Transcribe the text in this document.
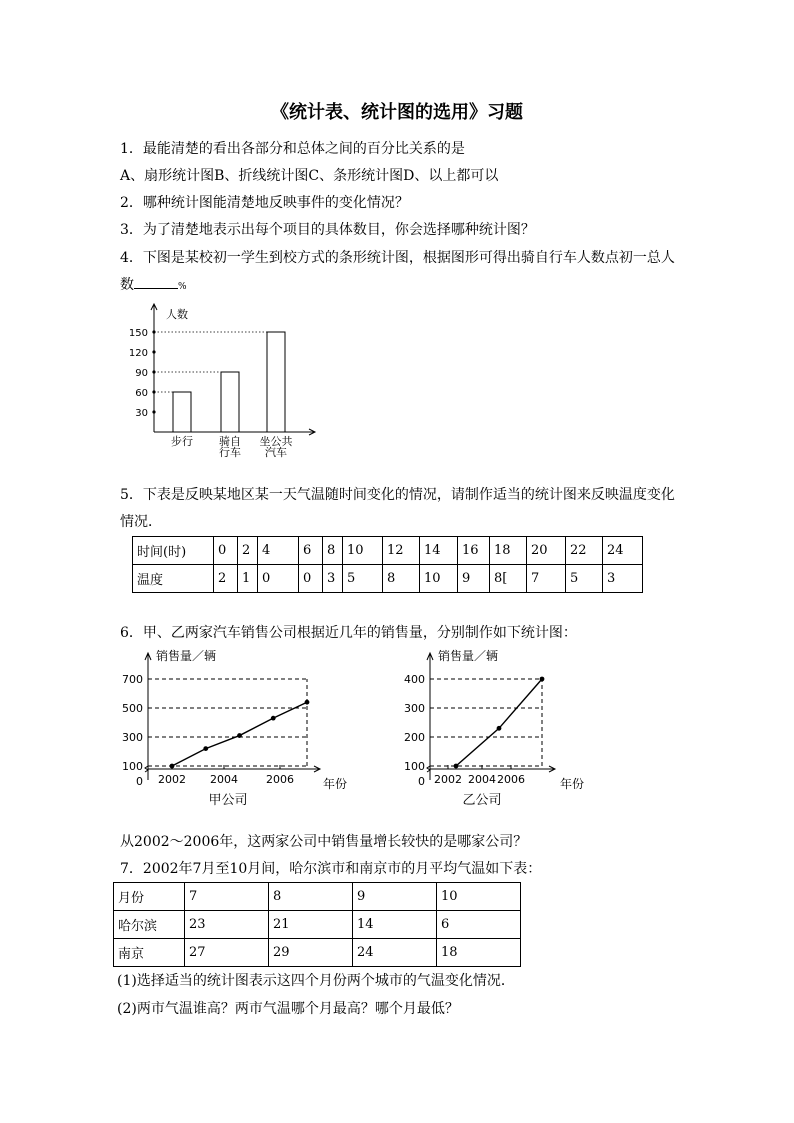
《统计表、统计图的选用》习题
1．最能清楚的看出各部分和总体之间的百分比关系的是
A、扇形统计图B、折线统计图C、条形统计图D、以上都可以
2．哪种统计图能清楚地反映事件的变化情况？
3．为了清楚地表示出每个项目的具体数目，你会选择哪种统计图？
4．下图是某校初一学生到校方式的条形统计图，根据图形可得出骑自行车人数点初一总人
数	%
人数
30
60
90
120
150
步行 骑自
行车
坐公共
汽车
5．下表是反映某地区某一天气温随时间变化的情况，请制作适当的统计图来反映温度变化
情况．
时间(时)	0	2	4	6	8	10	12	14	16	18	20	22	24
温度	2	1	0	0	3	5	8	10	9	8[	7	5	3
6．甲、乙两家汽车销售公司根据近几年的销售量，分别制作如下统计图：
销售量／辆
年份
0
100
300
500
700
2002 2004	2006
甲公司
销售量／辆
年份
0
100
200
300
400
2002 2004 2006
乙公司
从2002～2006年，这两家公司中销售量增长较快的是哪家公司？
7．2002年7月至10月间，哈尔滨市和南京市的月平均气温如下表：
月份	7	8	9	10
哈尔滨	23	21	14	6
南京	27	29	24	18
(1)选择适当的统计图表示这四个月份两个城市的气温变化情况．
(2)两市气温谁高？两市气温哪个月最高？哪个月最低？
